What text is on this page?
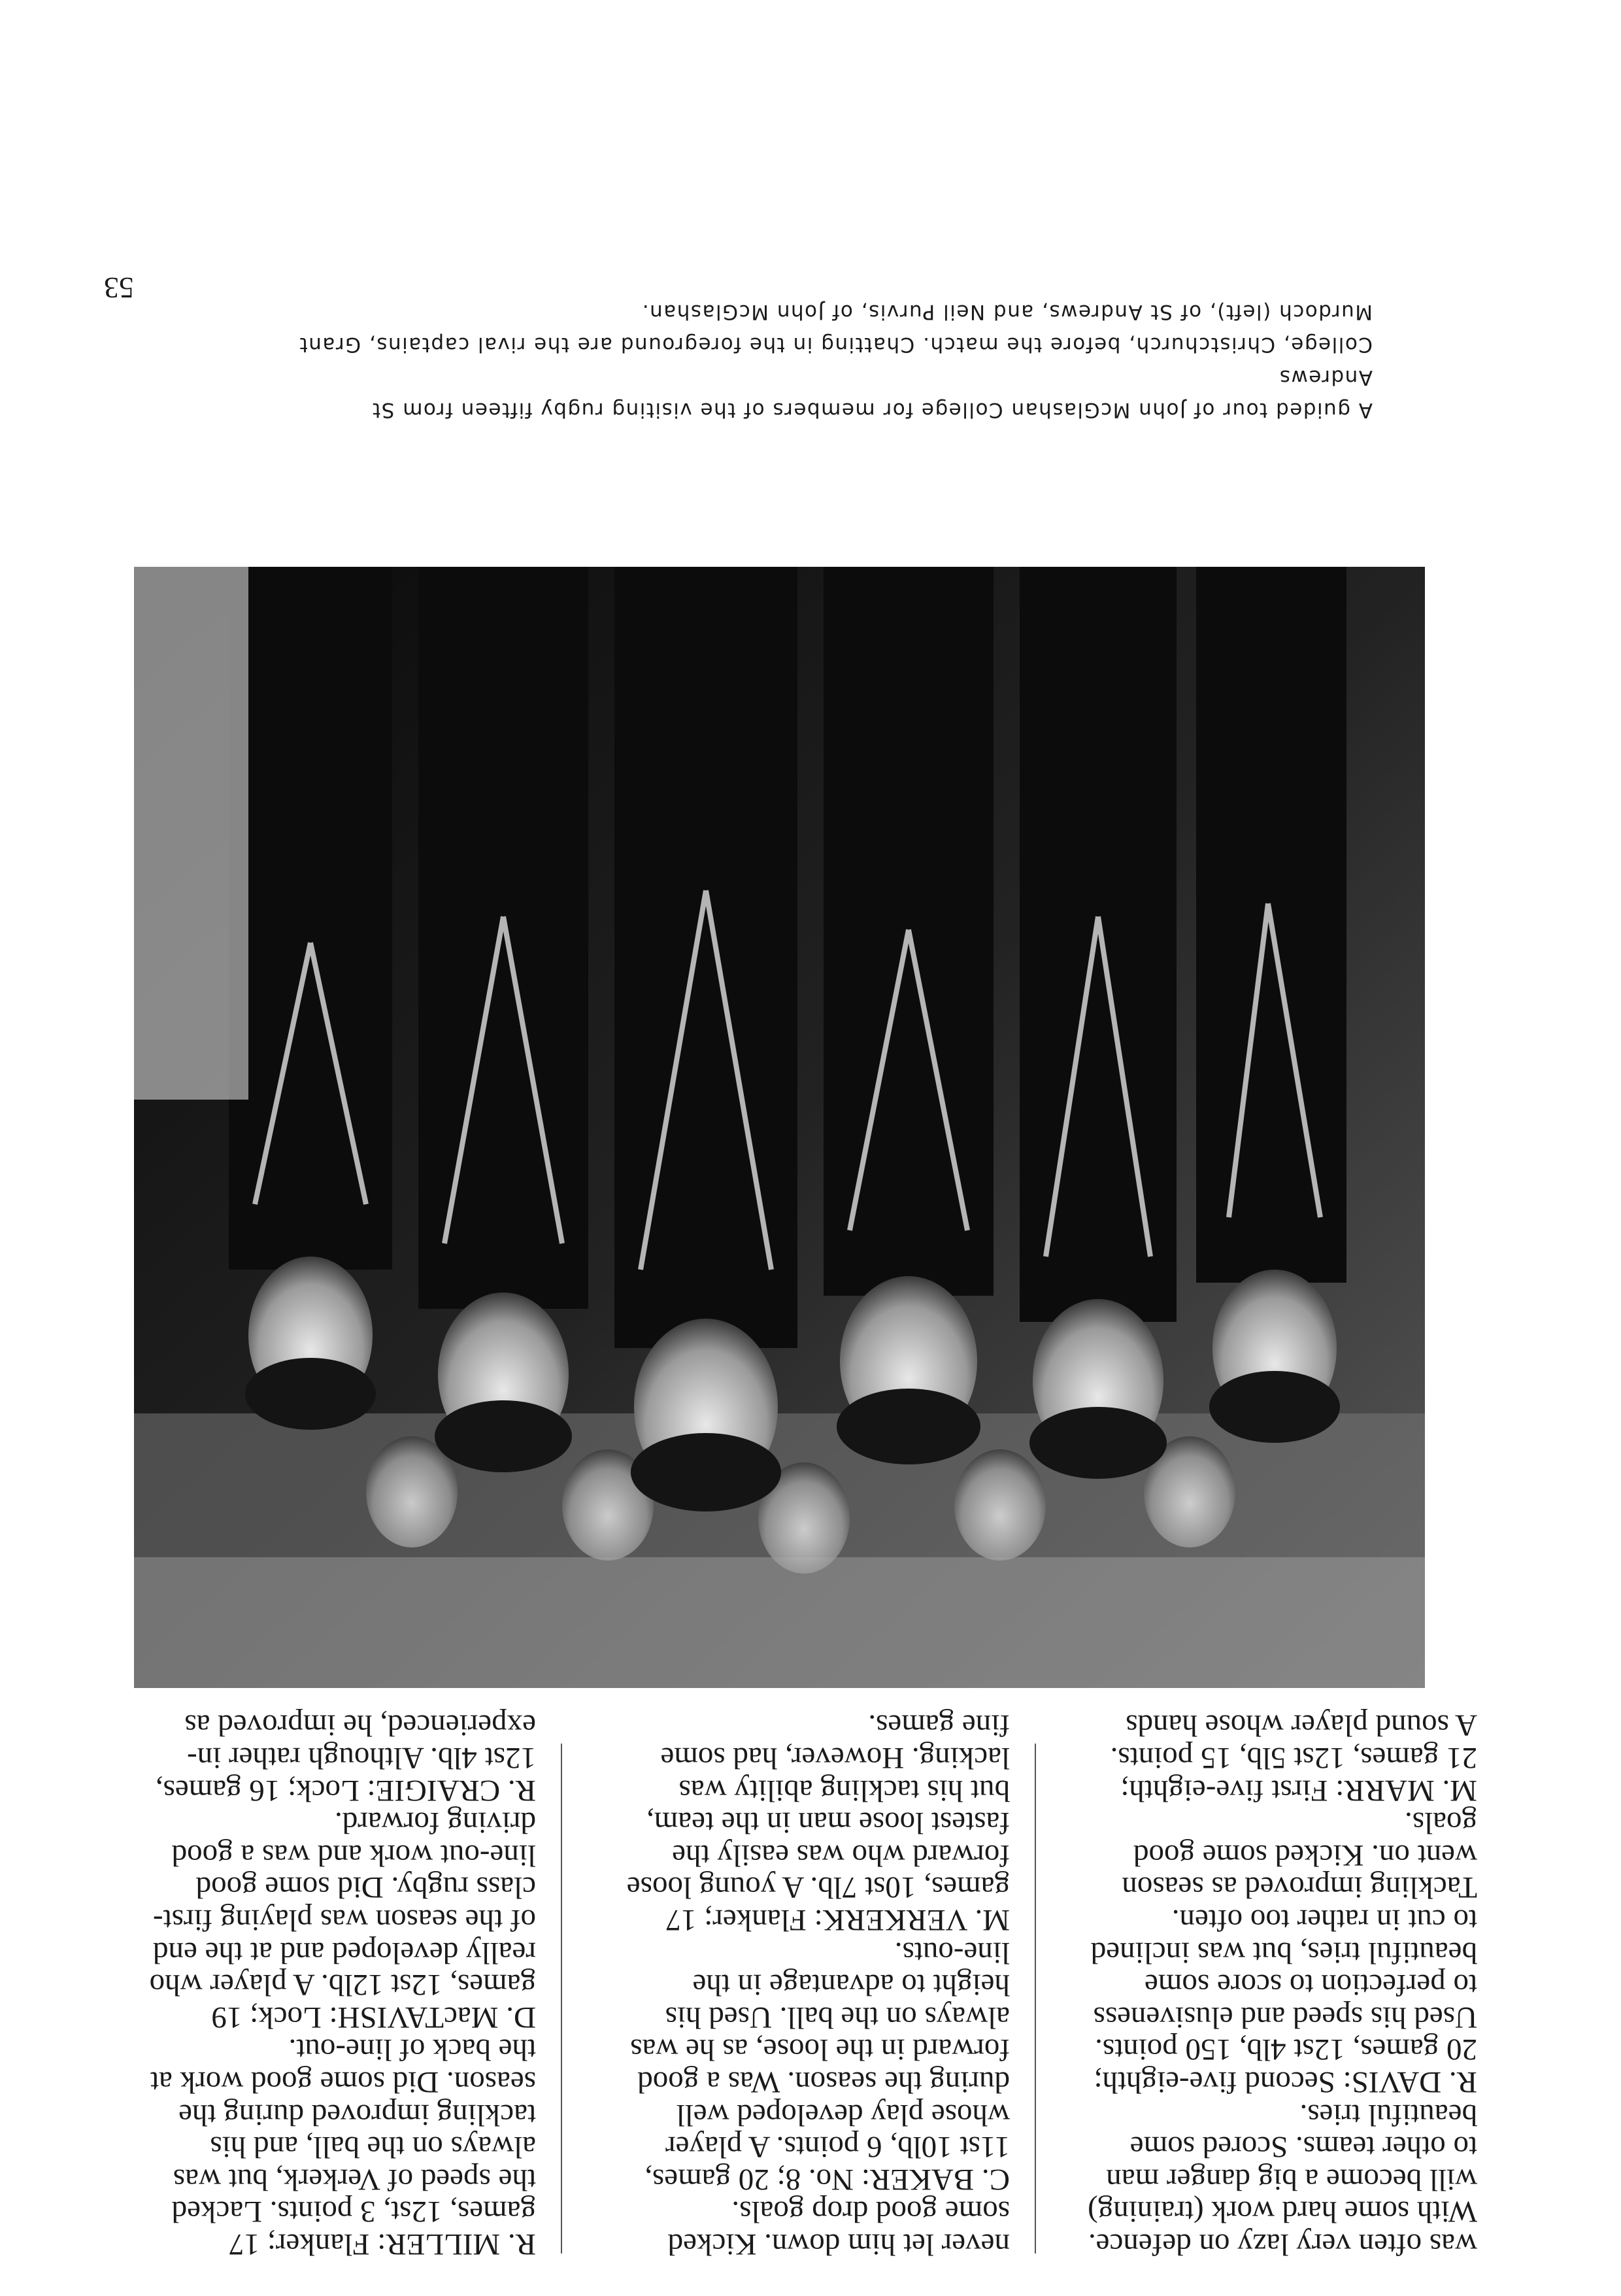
was often very lazy on defence.

With some hard work (training)

will become a big danger man

to other teams. Scored some

beautiful tries.

R. DAVIS: Second five-eighth;

20 games, 12st 4lb, 150 points.

Used his speed and elusiveness

to perfection to score some

beautiful tries, but was inclined

to cut in rather too often.

Tackling improved as season

went on. Kicked some good

goals.

M. MARR: First five-eighth;

21 games, 12st 5lb, 15 points.

A sound player whose hands

never let him down. Kicked

some good drop goals.

C. BAKER: No. 8; 20 games,

11st 10lb, 6 points. A player

whose play developed well

during the season. Was a good

forward in the loose, as he was

always on the ball. Used his

height to advantage in the

line-outs.

M. VERKERK: Flanker; 17

games, 10st 7lb. A young loose

forward who was easily the

fastest loose man in the team,

but his tackling ability was

lacking. However, had some

fine games.

R. MILLER: Flanker; 17

games, 12st, 3 points. Lacked

the speed of Verkerk, but was

always on the ball, and his

tackling improved during the

season. Did some good work at

the back of line-out.

D. MacTAVISH: Lock; 19

games, 12st 12lb. A player who

really developed and at the end

of the season was playing first-

class rugby. Did some good

line-out work and was a good

driving forward.

R. CRAIGIE: Lock; 16 games,

12st 4lb. Although rather in-

experienced, he improved as

A guided tour of John McGlashan College for members of the visiting rugby fifteen from St Andrews

College, Christchurch, before the match. Chatting in the foreground are the rival captains, Grant

Murdoch (left), of St Andrews, and Neil Purvis, of John McGlashan.

53
